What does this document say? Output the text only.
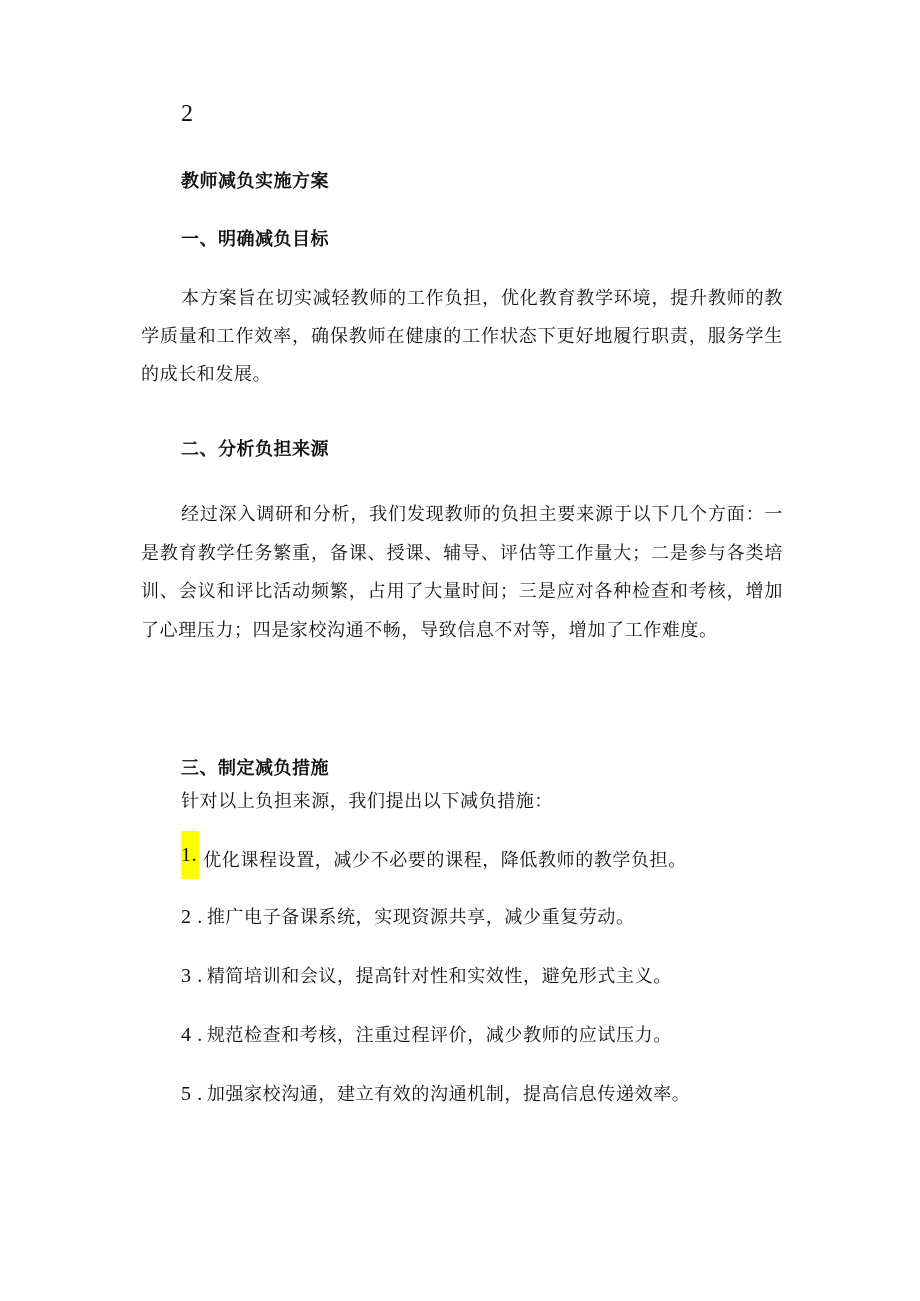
2
教师减负实施方案
一、明确减负目标

本方案旨在切实减轻教师的工作负担，优化教育教学环境，提升教师的教学质量和工作效率，确保教师在健康的工作状态下更好地履行职责，服务学生的成长和发展。

二、分析负担来源

经过深入调研和分析，我们发现教师的负担主要来源于以下几个方面：一是教育教学任务繁重，备课、授课、辅导、评估等工作量大；二是参与各类培训、会议和评比活动频繁，占用了大量时间；三是应对各种检查和考核，增加了心理压力；四是家校沟通不畅，导致信息不对等，增加了工作难度。

三、制定减负措施
针对以上负担来源，我们提出以下减负措施：
1. 优化课程设置，减少不必要的课程，降低教师的教学负担。
2 . 推广电子备课系统，实现资源共享，减少重复劳动。
3 . 精简培训和会议，提高针对性和实效性，避免形式主义。
4 . 规范检查和考核，注重过程评价，减少教师的应试压力。
5 . 加强家校沟通，建立有效的沟通机制，提高信息传递效率。
